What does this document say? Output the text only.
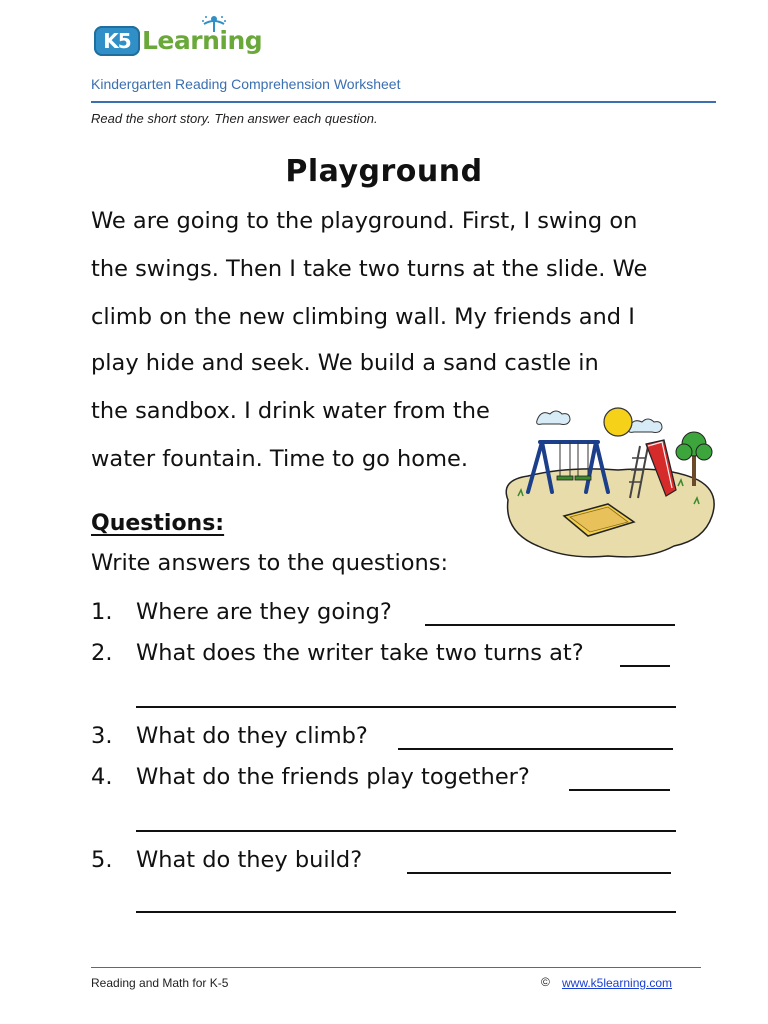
K5 Learning
Kindergarten Reading Comprehension Worksheet
Read the short story. Then answer each question.
Playground
We are going to the playground. First, I swing on
the swings. Then I take two turns at the slide. We
climb on the new climbing wall. My friends and I
play hide and seek. We build a sand castle in
the sandbox. I drink water from the
water fountain. Time to go home.
Questions:
Write answers to the questions:
1. Where are they going?
2. What does the writer take two turns at?
3. What do they climb?
4. What do the friends play together?
5. What do they build?
Reading and Math for K-5	© www.k5learning.com
